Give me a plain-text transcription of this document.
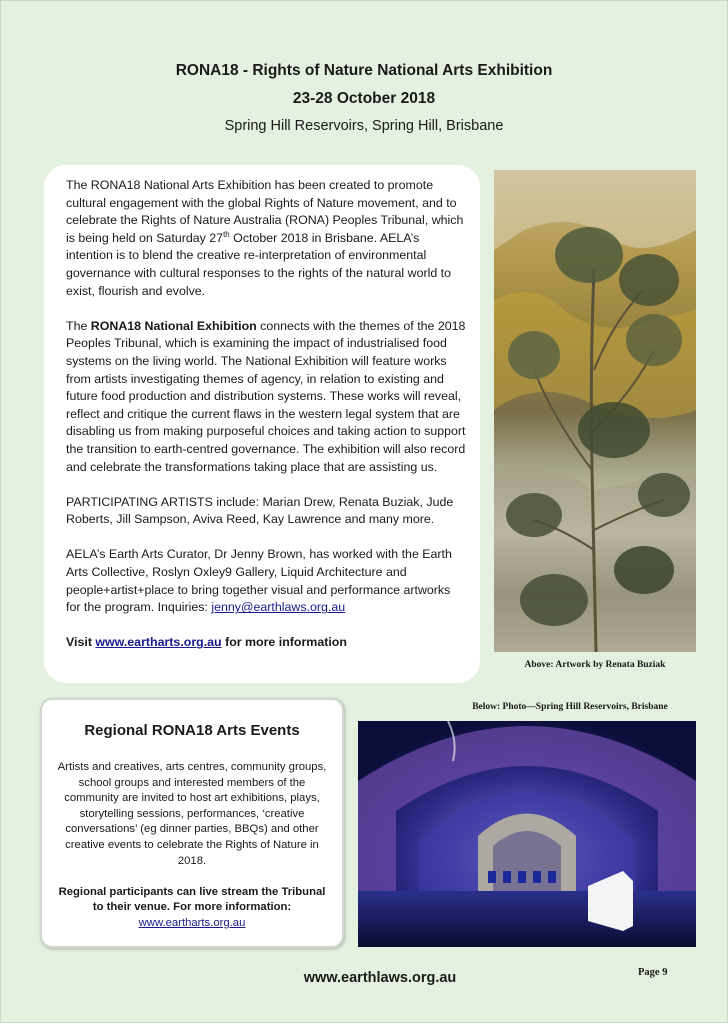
RONA18 - Rights of Nature National Arts Exhibition
23-28 October 2018
Spring Hill Reservoirs, Spring Hill, Brisbane

The RONA18 National Arts Exhibition has been created to promote cultural engagement with the global Rights of Nature movement, and to celebrate the Rights of Nature Australia (RONA) Peoples Tribunal, which is being held on Saturday 27th October 2018 in Brisbane. AELA’s intention is to blend the creative re-interpretation of environmental governance with cultural responses to the rights of the natural world to exist, flourish and evolve.

The RONA18 National Exhibition connects with the themes of the 2018 Peoples Tribunal, which is examining the impact of industrialised food systems on the living world. The National Exhibition will feature works from artists investigating themes of agency, in relation to existing and future food production and distribution systems. These works will reveal, reflect and critique the current flaws in the western legal system that are disabling us from making purposeful choices and taking action to support the transition to earth-centred governance. The exhibition will also record and celebrate the transformations taking place that are assisting us.

PARTICIPATING ARTISTS include: Marian Drew, Renata Buziak, Jude Roberts, Jill Sampson, Aviva Reed, Kay Lawrence and many more.

AELA’s Earth Arts Curator, Dr Jenny Brown, has worked with the Earth Arts Collective, Roslyn Oxley9 Gallery, Liquid Architecture and people+artist+place to bring together visual and performance artworks for the program. Inquiries: jenny@earthlaws.org.au

Visit www.eartharts.org.au for more information

Above: Artwork by Renata Buziak
Below: Photo—Spring Hill Reservoirs, Brisbane
Regional RONA18 Arts Events

Artists and creatives, arts centres, community groups, school groups and interested members of the community are invited to host art exhibitions, plays, storytelling sessions, performances, ‘creative conversations’ (eg dinner parties, BBQs) and other creative events to celebrate the Rights of Nature in 2018.

Regional participants can live stream the Tribunal to their venue. For more information:
www.eartharts.org.au
www.earthlaws.org.au	Page 9
